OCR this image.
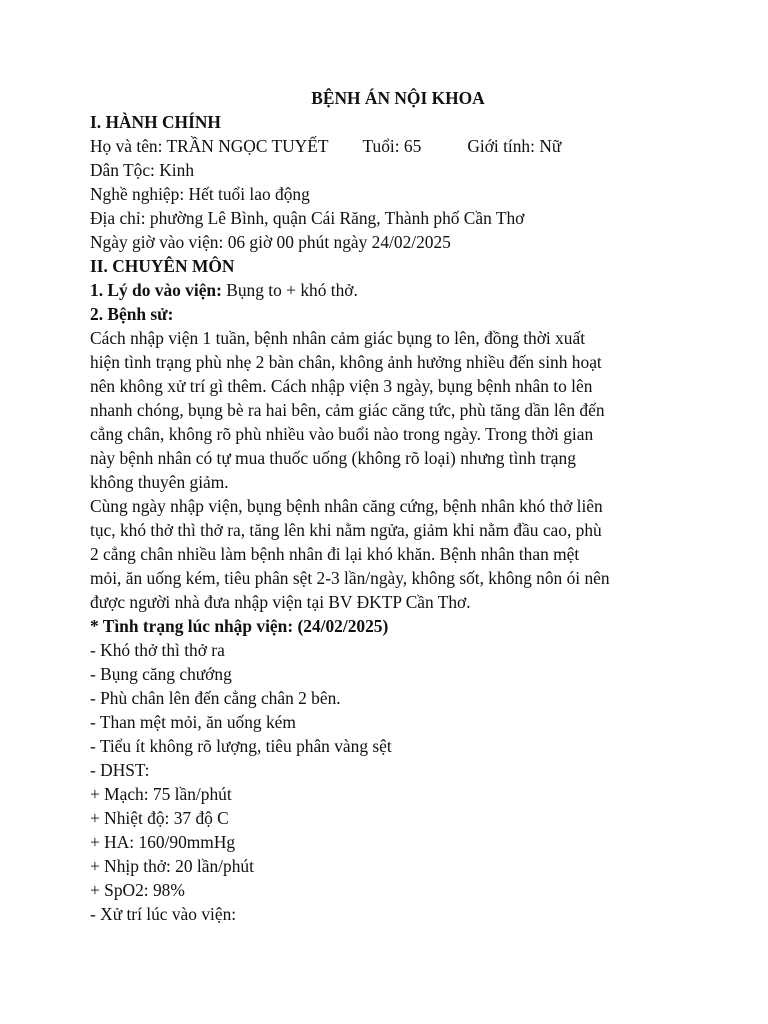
BỆNH ÁN NỘI KHOA

I. HÀNH CHÍNH

Họ và tên: TRẦN NGỌC TUYẾT Tuổi: 65	Giới tính: Nữ

Dân Tộc: Kinh

Nghề nghiệp: Hết tuổi lao động

Địa chỉ: phường Lê Bình, quận Cái Răng, Thành phố Cần Thơ

Ngày giờ vào viện: 06 giờ 00 phút ngày 24/02/2025

II. CHUYÊN MÔN

1. Lý do vào viện: Bụng to + khó thở.

2. Bệnh sử:

Cách nhập viện 1 tuần, bệnh nhân cảm giác bụng to lên, đồng thời xuất

hiện tình trạng phù nhẹ 2 bàn chân, không ảnh hưởng nhiều đến sinh hoạt

nên không xử trí gì thêm. Cách nhập viện 3 ngày, bụng bệnh nhân to lên

nhanh chóng, bụng bè ra hai bên, cảm giác căng tức, phù tăng dần lên đến

cẳng chân, không rõ phù nhiều vào buổi nào trong ngày. Trong thời gian

này bệnh nhân có tự mua thuốc uống (không rõ loại) nhưng tình trạng

không thuyên giảm.

Cùng ngày nhập viện, bụng bệnh nhân căng cứng, bệnh nhân khó thở liên

tục, khó thở thì thở ra, tăng lên khi nằm ngửa, giảm khi nằm đầu cao, phù

2 cẳng chân nhiều làm bệnh nhân đi lại khó khăn. Bệnh nhân than mệt

mỏi, ăn uống kém, tiêu phân sệt 2-3 lần/ngày, không sốt, không nôn ói nên

được người nhà đưa nhập viện tại BV ĐKTP Cần Thơ.

* Tình trạng lúc nhập viện: (24/02/2025)

- Khó thở thì thở ra

- Bụng căng chướng

- Phù chân lên đến cẳng chân 2 bên.

- Than mệt mỏi, ăn uống kém

- Tiểu ít không rõ lượng, tiêu phân vàng sệt

- DHST:

+ Mạch: 75 lần/phút

+ Nhiệt độ: 37 độ C

+ HA: 160/90mmHg

+ Nhịp thở: 20 lần/phút

+ SpO2: 98%

- Xử trí lúc vào viện:
